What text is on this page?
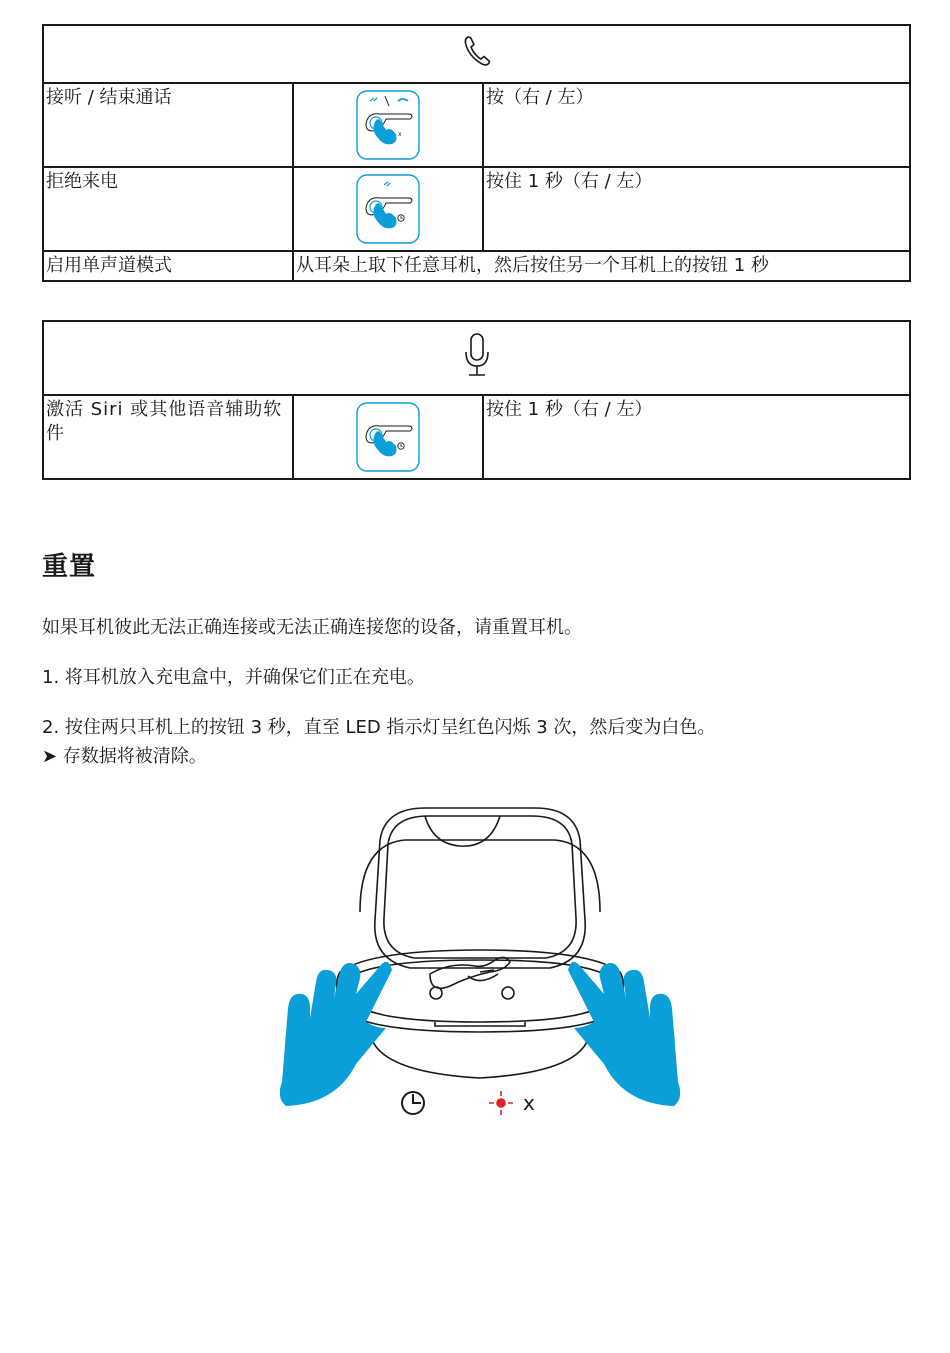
接听 / 结束通话	x	按（右 / 左）
拒绝来电		按住 1 秒（右 / 左）
启用单声道模式	从耳朵上取下任意耳机，然后按住另一个耳机上的按钮 1 秒	

激活 Siri 或其他语音辅助软件		按住 1 秒（右 / 左）
重置
如果耳机彼此无法正确连接或无法正确连接您的设备，请重置耳机。
1. 将耳机放入充电盒中，并确保它们正在充电。
2. 按住两只耳机上的按钮 3 秒，直至 LED 指示灯呈红色闪烁 3 次，然后变为白色。
➤ 存数据将被清除。
x
